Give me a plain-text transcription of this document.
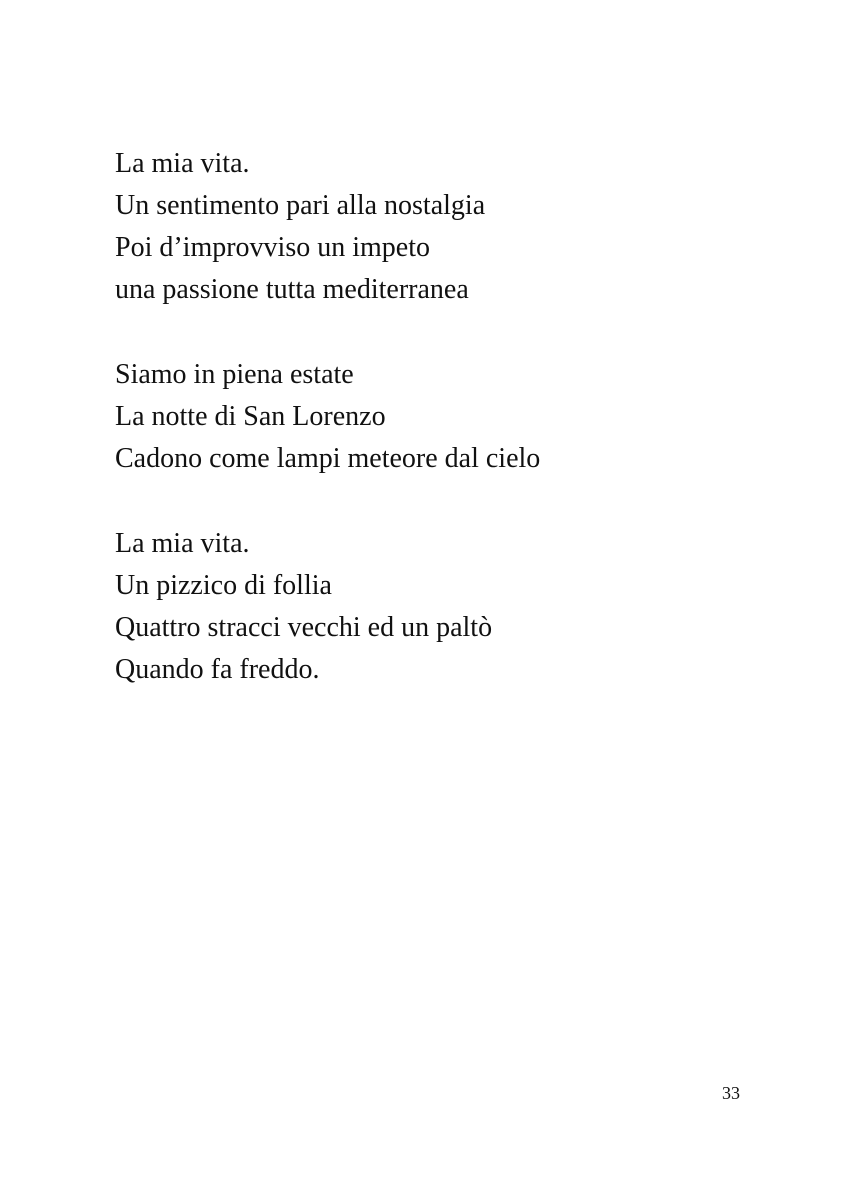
La mia vita.
Un sentimento pari alla nostalgia
Poi d’improvviso un impeto
una passione tutta mediterranea
Siamo in piena estate
La notte di San Lorenzo
Cadono come lampi meteore dal cielo
La mia vita.
Un pizzico di follia
Quattro stracci vecchi ed un paltò
Quando fa freddo.
33
